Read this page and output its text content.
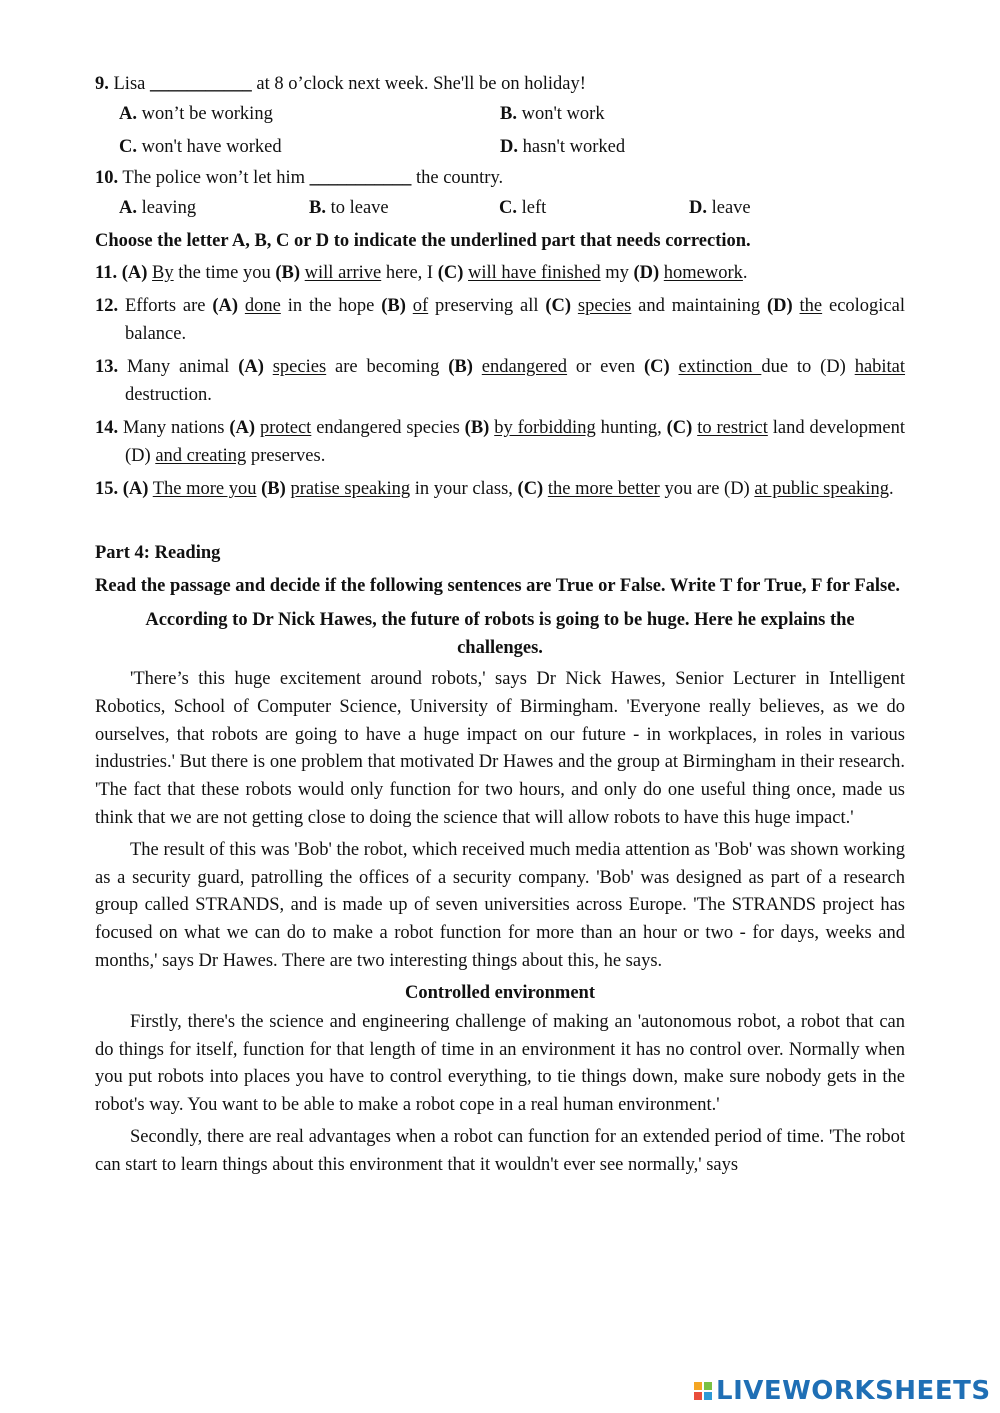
9. Lisa ___________ at 8 o’clock next week. She'll be on holiday!
A. won’t be working	B. won't work
C. won't have worked	D. hasn't worked
10. The police won’t let him ___________ the country.
A. leaving	B. to leave	C. left	D. leave
Choose the letter A, B, C or D to indicate the underlined part that needs correction.
11. (A) By the time you (B) will arrive here, I (C) will have finished my (D) homework.
12. Efforts are (A) done in the hope (B) of preserving all (C) species and maintaining (D) the ecological balance.
13. Many animal (A) species are becoming (B) endangered or even (C) extinction due to (D) habitat destruction.
14. Many nations (A) protect endangered species (B) by forbidding hunting, (C) to restrict land development (D) and creating preserves.
15. (A) The more you (B) pratise speaking in your class, (C) the more better you are (D) at public speaking.
Part 4: Reading
Read the passage and decide if the following sentences are True or False. Write T for True, F for False.
According to Dr Nick Hawes, the future of robots is going to be huge. Here he explains the challenges.
'There’s this huge excitement around robots,' says Dr Nick Hawes, Senior Lecturer in Intelligent Robotics, School of Computer Science, University of Birmingham. 'Everyone really believes, as we do ourselves, that robots are going to have a huge impact on our future - in workplaces, in roles in various industries.' But there is one problem that motivated Dr Hawes and the group at Birmingham in their research. 'The fact that these robots would only function for two hours, and only do one useful thing once, made us think that we are not getting close to doing the science that will allow robots to have this huge impact.'
The result of this was 'Bob' the robot, which received much media attention as 'Bob' was shown working as a security guard, patrolling the offices of a security company. 'Bob' was designed as part of a research group called STRANDS, and is made up of seven universities across Europe. 'The STRANDS project has focused on what we can do to make a robot function for more than an hour or two - for days, weeks and months,' says Dr Hawes. There are two interesting things about this, he says.
Controlled environment
Firstly, there's the science and engineering challenge of making an 'autonomous robot, a robot that can do things for itself, function for that length of time in an environment it has no control over. Normally when you put robots into places you have to control everything, to tie things down, make sure nobody gets in the robot's way. You want to be able to make a robot cope in a real human environment.'
Secondly, there are real advantages when a robot can function for an extended period of time. 'The robot can start to learn things about this environment that it wouldn't ever see normally,' says
LIVEWORKSHEETS
